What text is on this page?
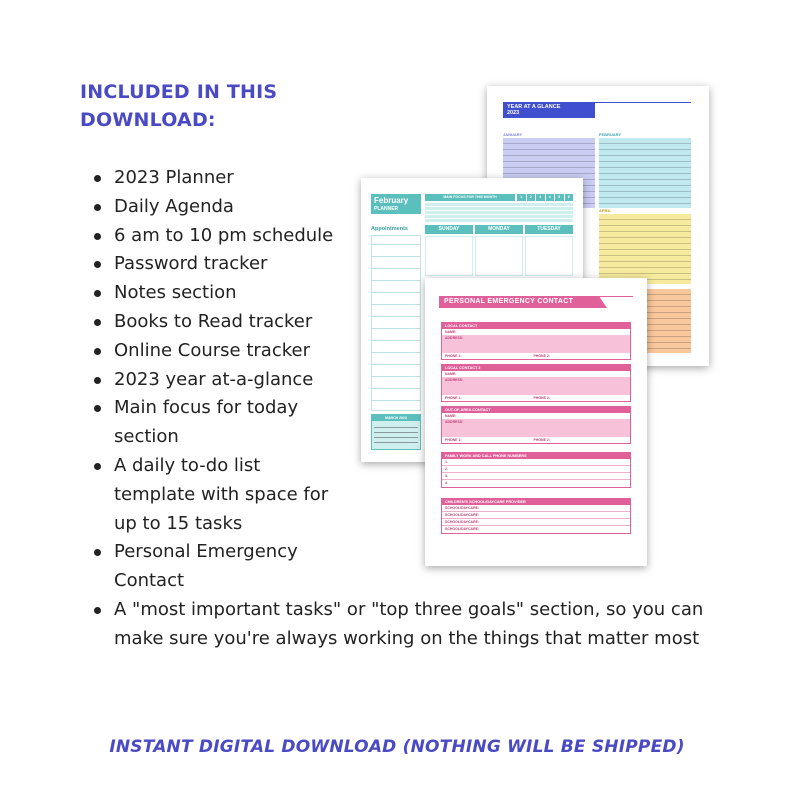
INCLUDED IN THIS DOWNLOAD:
2023 Planner
Daily Agenda
6 am to 10 pm schedule
Password tracker
Notes section
Books to Read tracker
Online Course tracker
2023 year at-a-glance
Main focus for today section
A daily to-do list template with space for up to 15 tasks
Personal Emergency Contact
A "most important tasks" or "top three goals" section, so you can make sure you're always working on the things that matter most
YEAR AT A GLANCE
2023
JANUARY	FEBRUARY
APRIL
February
PLANNER
MAIN FOCUS FOR THIS MONTH	1	2	3	4	5	6
Appointments	SUNDAY	MONDAY	TUESDAY
MARCH 2023
PERSONAL EMERGENCY CONTACT
LOCAL CONTACT
NAME:
ADDRESS:
PHONE 1:	PHONE 2:
LOCAL CONTACT 2
NAME:
ADDRESS:
PHONE 1:	PHONE 2:
OUT-OF-AREA CONTACT
NAME:
ADDRESS:
PHONE 1:	PHONE 2:
FAMILY WORK AND CALL PHONE NUMBERS
1.
2.
3.
4.
CHILDREN'S SCHOOL/DAYCARE PROVIDER
SCHOOL/DAYCARE:
SCHOOL/DAYCARE:
SCHOOL/DAYCARE:
SCHOOL/DAYCARE:
INSTANT DIGITAL DOWNLOAD (NOTHING WILL BE SHIPPED)
